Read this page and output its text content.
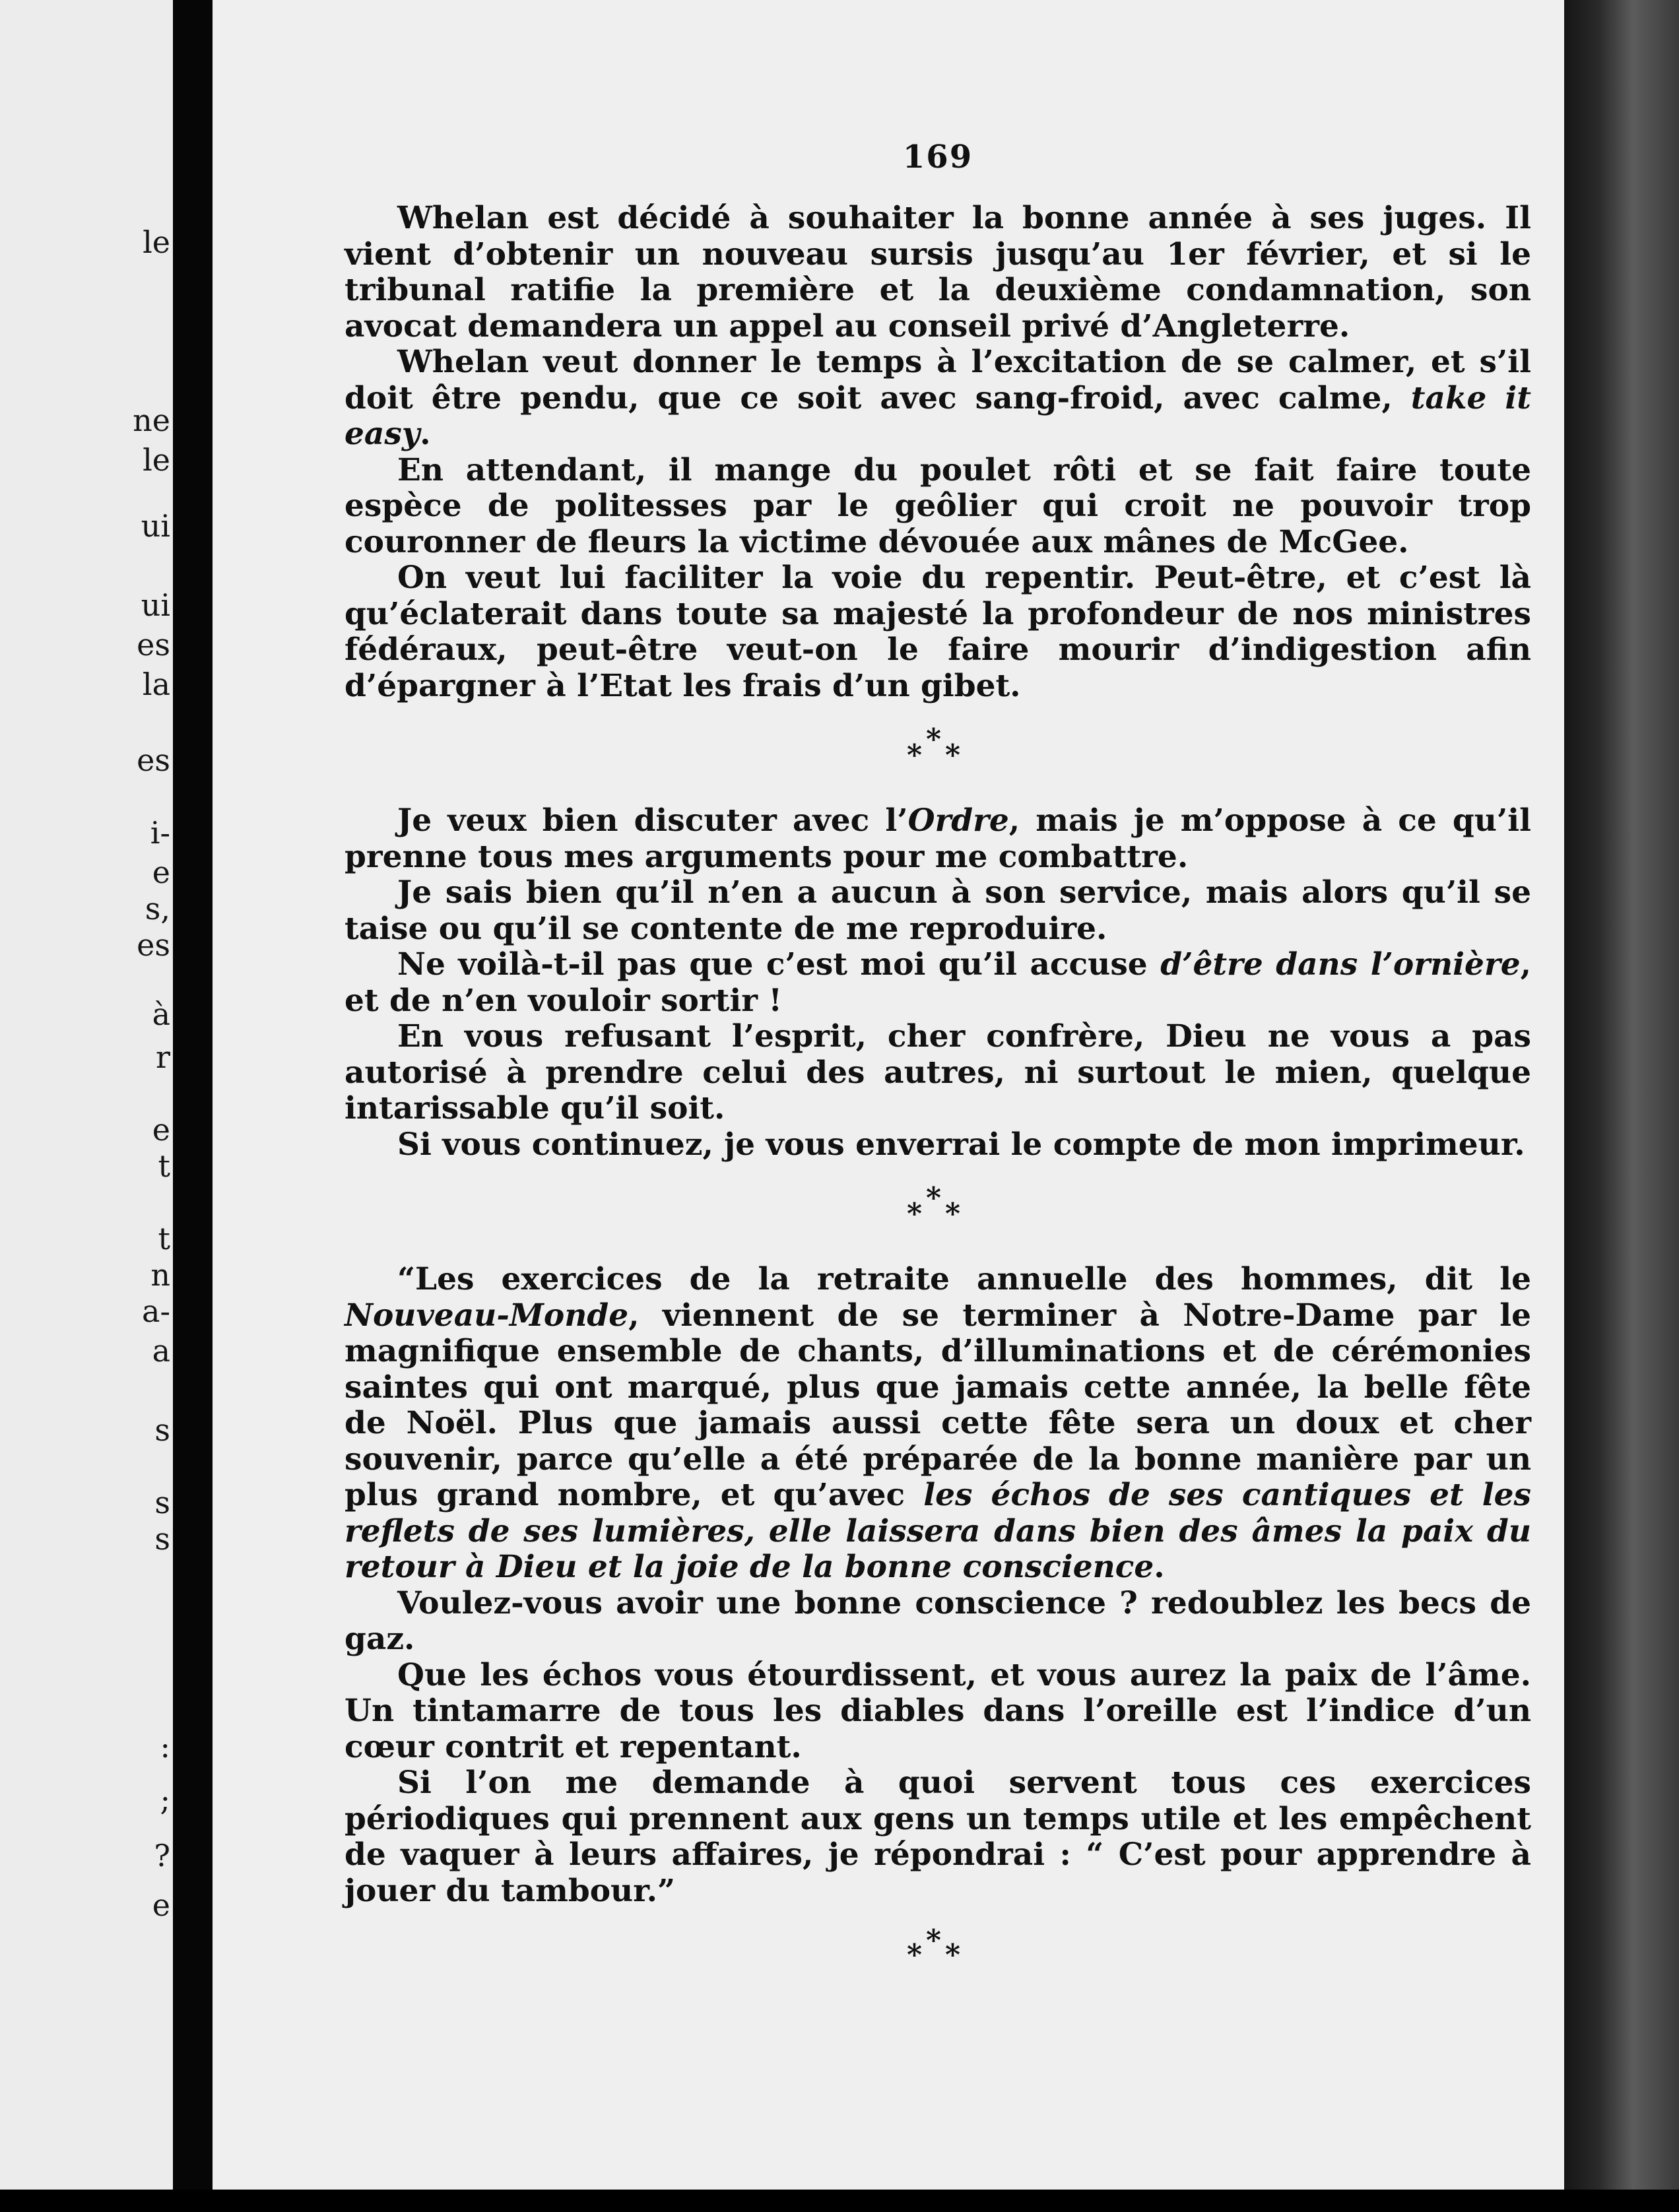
le
ne
le
ui
ui
es
la
es
i-
e
s,
es
à
r
e
t
t
n
a-
a
s
s
s
:
;
?
e
169

Whelan est décidé à souhaiter la bonne année à ses juges. Il vient d’obtenir un nouveau sursis jusqu’au 1er février, et si le tribunal ratifie la première et la deuxième condamnation, son avocat demandera un appel au conseil privé d’Angleterre.

Whelan veut donner le temps à l’excitation de se calmer, et s’il doit être pendu, que ce soit avec sang-froid, avec calme, take it easy.

En attendant, il mange du poulet rôti et se fait faire toute espèce de politesses par le geôlier qui croit ne pouvoir trop couronner de fleurs la victime dévouée aux mânes de McGee.

On veut lui faciliter la voie du repentir. Peut-être, et c’est là qu’éclaterait dans toute sa majesté la profondeur de nos ministres fédéraux, peut-être veut-on le faire mourir d’indigestion afin d’épargner à l’Etat les frais d’un gibet.

*
* *

Je veux bien discuter avec l’Ordre, mais je m’oppose à ce qu’il prenne tous mes arguments pour me combattre.

Je sais bien qu’il n’en a aucun à son service, mais alors qu’il se taise ou qu’il se contente de me reproduire.

Ne voilà-t-il pas que c’est moi qu’il accuse d’être dans l’ornière, et de n’en vouloir sortir !

En vous refusant l’esprit, cher confrère, Dieu ne vous a pas autorisé à prendre celui des autres, ni surtout le mien, quelque intarissable qu’il soit.

Si vous continuez, je vous enverrai le compte de mon imprimeur.

*
* *

“Les exercices de la retraite annuelle des hommes, dit le Nouveau-Monde, viennent de se terminer à Notre-Dame par le magnifique ensemble de chants, d’illuminations et de cérémonies saintes qui ont marqué, plus que jamais cette année, la belle fête de Noël. Plus que jamais aussi cette fête sera un doux et cher souvenir, parce qu’elle a été préparée de la bonne manière par un plus grand nombre, et qu’avec les échos de ses cantiques et les reflets de ses lumières, elle laissera dans bien des âmes la paix du retour à Dieu et la joie de la bonne conscience.

Voulez-vous avoir une bonne conscience ? redoublez les becs de gaz.

Que les échos vous étourdissent, et vous aurez la paix de l’âme. Un tintamarre de tous les diables dans l’oreille est l’indice d’un cœur contrit et repentant.

Si l’on me demande à quoi servent tous ces exercices périodiques qui prennent aux gens un temps utile et les empêchent de vaquer à leurs affaires, je répondrai : “ C’est pour apprendre à jouer du tambour.”

*
* *
